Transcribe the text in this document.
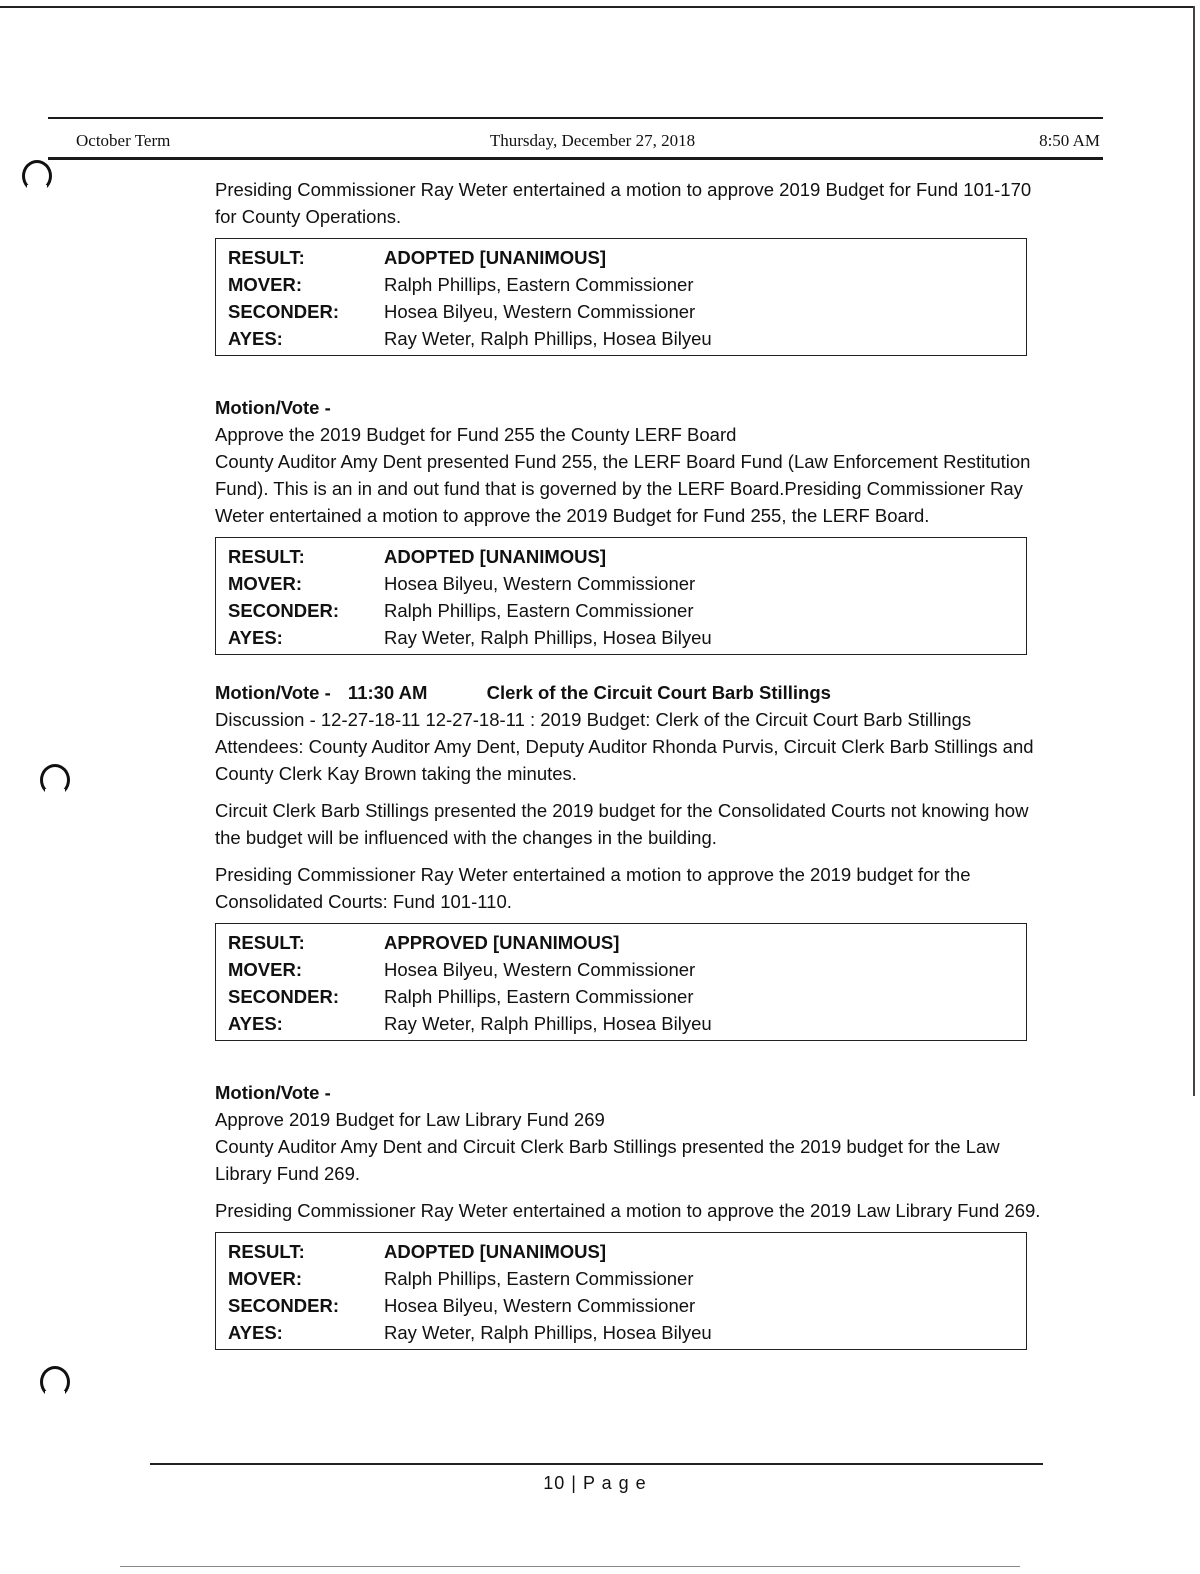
October Term	Thursday, December 27, 2018	8:50 AM

Presiding Commissioner Ray Weter entertained a motion to approve 2019 Budget for Fund 101-170 for County Operations.

RESULT:	ADOPTED [UNANIMOUS]
MOVER:	Ralph Phillips, Eastern Commissioner
SECONDER:	Hosea Bilyeu, Western Commissioner
AYES:	Ray Weter, Ralph Phillips, Hosea Bilyeu

Motion/Vote -

Approve the 2019 Budget for Fund 255 the County LERF Board

County Auditor Amy Dent presented Fund 255, the LERF Board Fund (Law Enforcement Restitution Fund). This is an in and out fund that is governed by the LERF Board.Presiding Commissioner Ray Weter entertained a motion to approve the 2019 Budget for Fund 255, the LERF Board.

RESULT:	ADOPTED [UNANIMOUS]
MOVER:	Hosea Bilyeu, Western Commissioner
SECONDER:	Ralph Phillips, Eastern Commissioner
AYES:	Ray Weter, Ralph Phillips, Hosea Bilyeu

Motion/Vote - 11:30 AM	Clerk of the Circuit Court Barb Stillings

Discussion - 12-27-18-11 12-27-18-11 : 2019 Budget: Clerk of the Circuit Court Barb Stillings Attendees: County Auditor Amy Dent, Deputy Auditor Rhonda Purvis, Circuit Clerk Barb Stillings and County Clerk Kay Brown taking the minutes.

Circuit Clerk Barb Stillings presented the 2019 budget for the Consolidated Courts not knowing how the budget will be influenced with the changes in the building.

Presiding Commissioner Ray Weter entertained a motion to approve the 2019 budget for the Consolidated Courts: Fund 101-110.

RESULT:	APPROVED [UNANIMOUS]
MOVER:	Hosea Bilyeu, Western Commissioner
SECONDER:	Ralph Phillips, Eastern Commissioner
AYES:	Ray Weter, Ralph Phillips, Hosea Bilyeu

Motion/Vote -

Approve 2019 Budget for Law Library Fund 269

County Auditor Amy Dent and Circuit Clerk Barb Stillings presented the 2019 budget for the Law Library Fund 269.

Presiding Commissioner Ray Weter entertained a motion to approve the 2019 Law Library Fund 269.

RESULT:	ADOPTED [UNANIMOUS]
MOVER:	Ralph Phillips, Eastern Commissioner
SECONDER:	Hosea Bilyeu, Western Commissioner
AYES:	Ray Weter, Ralph Phillips, Hosea Bilyeu
10 | P a g e
